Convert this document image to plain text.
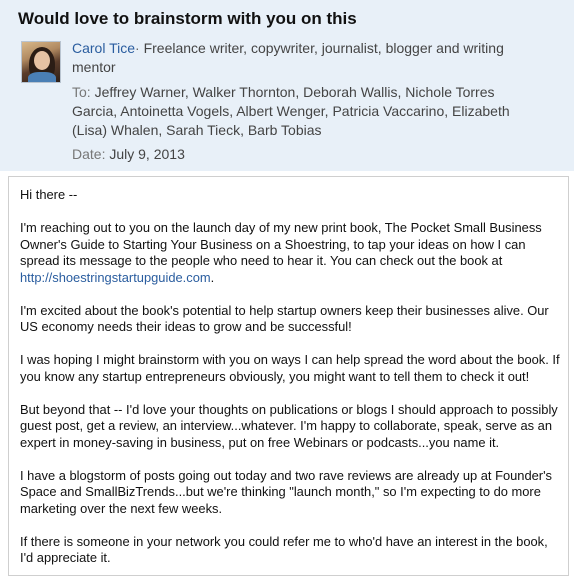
Would love to brainstorm with you on this
Carol Tice· Freelance writer, copywriter, journalist, blogger and writing mentor
To: Jeffrey Warner, Walker Thornton, Deborah Wallis, Nichole Torres Garcia, Antoinetta Vogels, Albert Wenger, Patricia Vaccarino, Elizabeth (Lisa) Whalen, Sarah Tieck, Barb Tobias
Date: July 9, 2013

Hi there --

I'm reaching out to you on the launch day of my new print book, The Pocket Small Business Owner's Guide to Starting Your Business on a Shoestring, to tap your ideas on how I can spread its message to the people who need to hear it. You can check out the book at http://shoestringstartupguide.com.

I'm excited about the book's potential to help startup owners keep their businesses alive. Our US economy needs their ideas to grow and be successful!

I was hoping I might brainstorm with you on ways I can help spread the word about the book. If you know any startup entrepreneurs obviously, you might want to tell them to check it out!

But beyond that -- I'd love your thoughts on publications or blogs I should approach to possibly guest post, get a review, an interview...whatever. I'm happy to collaborate, speak, serve as an expert in money-saving in business, put on free Webinars or podcasts...you name it.

I have a blogstorm of posts going out today and two rave reviews are already up at Founder's Space and SmallBizTrends...but we're thinking "launch month," so I'm expecting to do more marketing over the next few weeks.

If there is someone in your network you could refer me to who'd have an interest in the book, I'd appreciate it.
